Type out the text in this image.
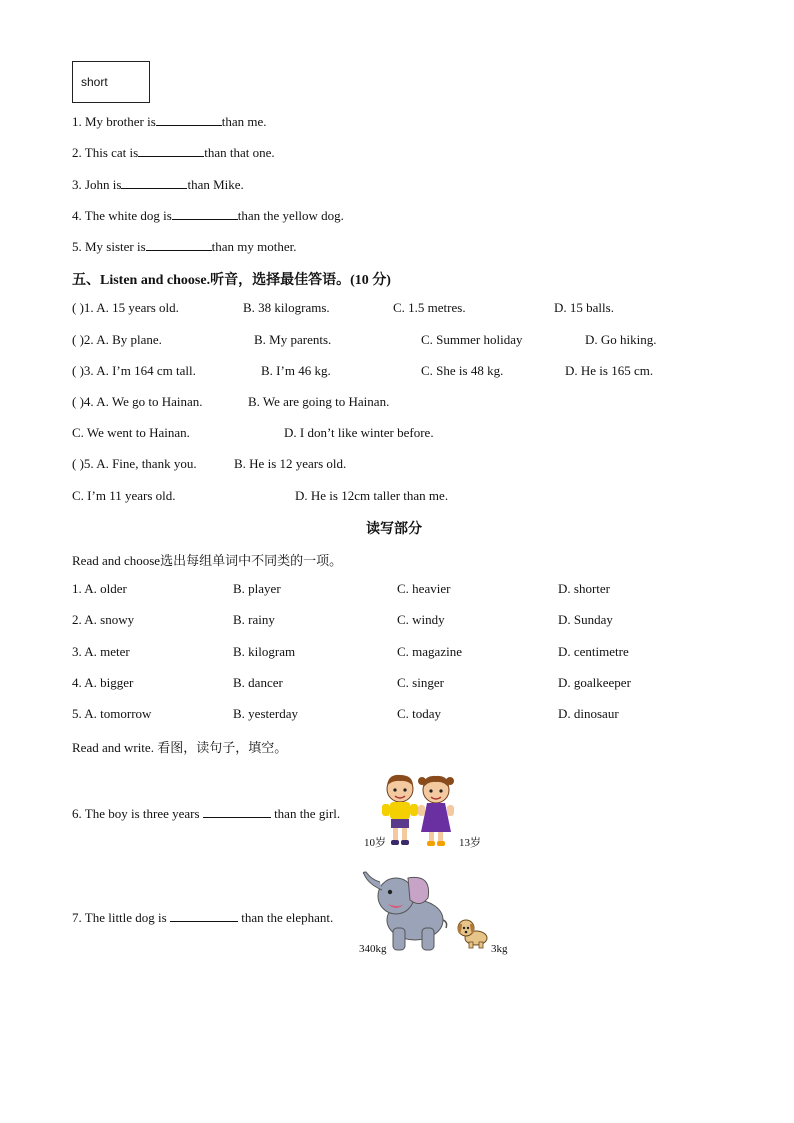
short
1. My brother is	than me.
2. This cat is	than that one.
3. John is	than Mike.
4. The white dog is	than the yellow dog.
5. My sister is	than my mother.
五、Listen and choose.听音，选择最佳答语。(10 分)
( )1. A. 15 years old.	B. 38 kilograms.	C. 1.5 metres.	D. 15 balls.
( )2. A. By plane.	B. My parents.	C. Summer holiday	D. Go hiking.
( )3. A. I’m 164 cm tall.	B. I’m 46 kg.	C. She is 48 kg.	D. He is 165 cm.
( )4. A. We go to Hainan.	B. We are going to Hainan.
C. We went to Hainan.	D. I don’t like winter before.
( )5. A. Fine, thank you.	B. He is 12 years old.
C. I’m 11 years old.	D. He is 12cm taller than me.
读写部分
Read and choose选出每组单词中不同类的一项。
1. A. older	B. player	C. heavier	D. shorter
2. A. snowy	B. rainy	C. windy	D. Sunday
3. A. meter	B. kilogram	C. magazine	D. centimetre
4. A. bigger	B. dancer	C. singer	D. goalkeeper
5. A. tomorrow	B. yesterday	C. today	D. dinosaur
Read and write. 看图，读句子，填空。
6. The boy is three years	than the girl.
10岁	13岁
7. The little dog is	than the elephant.
340kg	3kg
